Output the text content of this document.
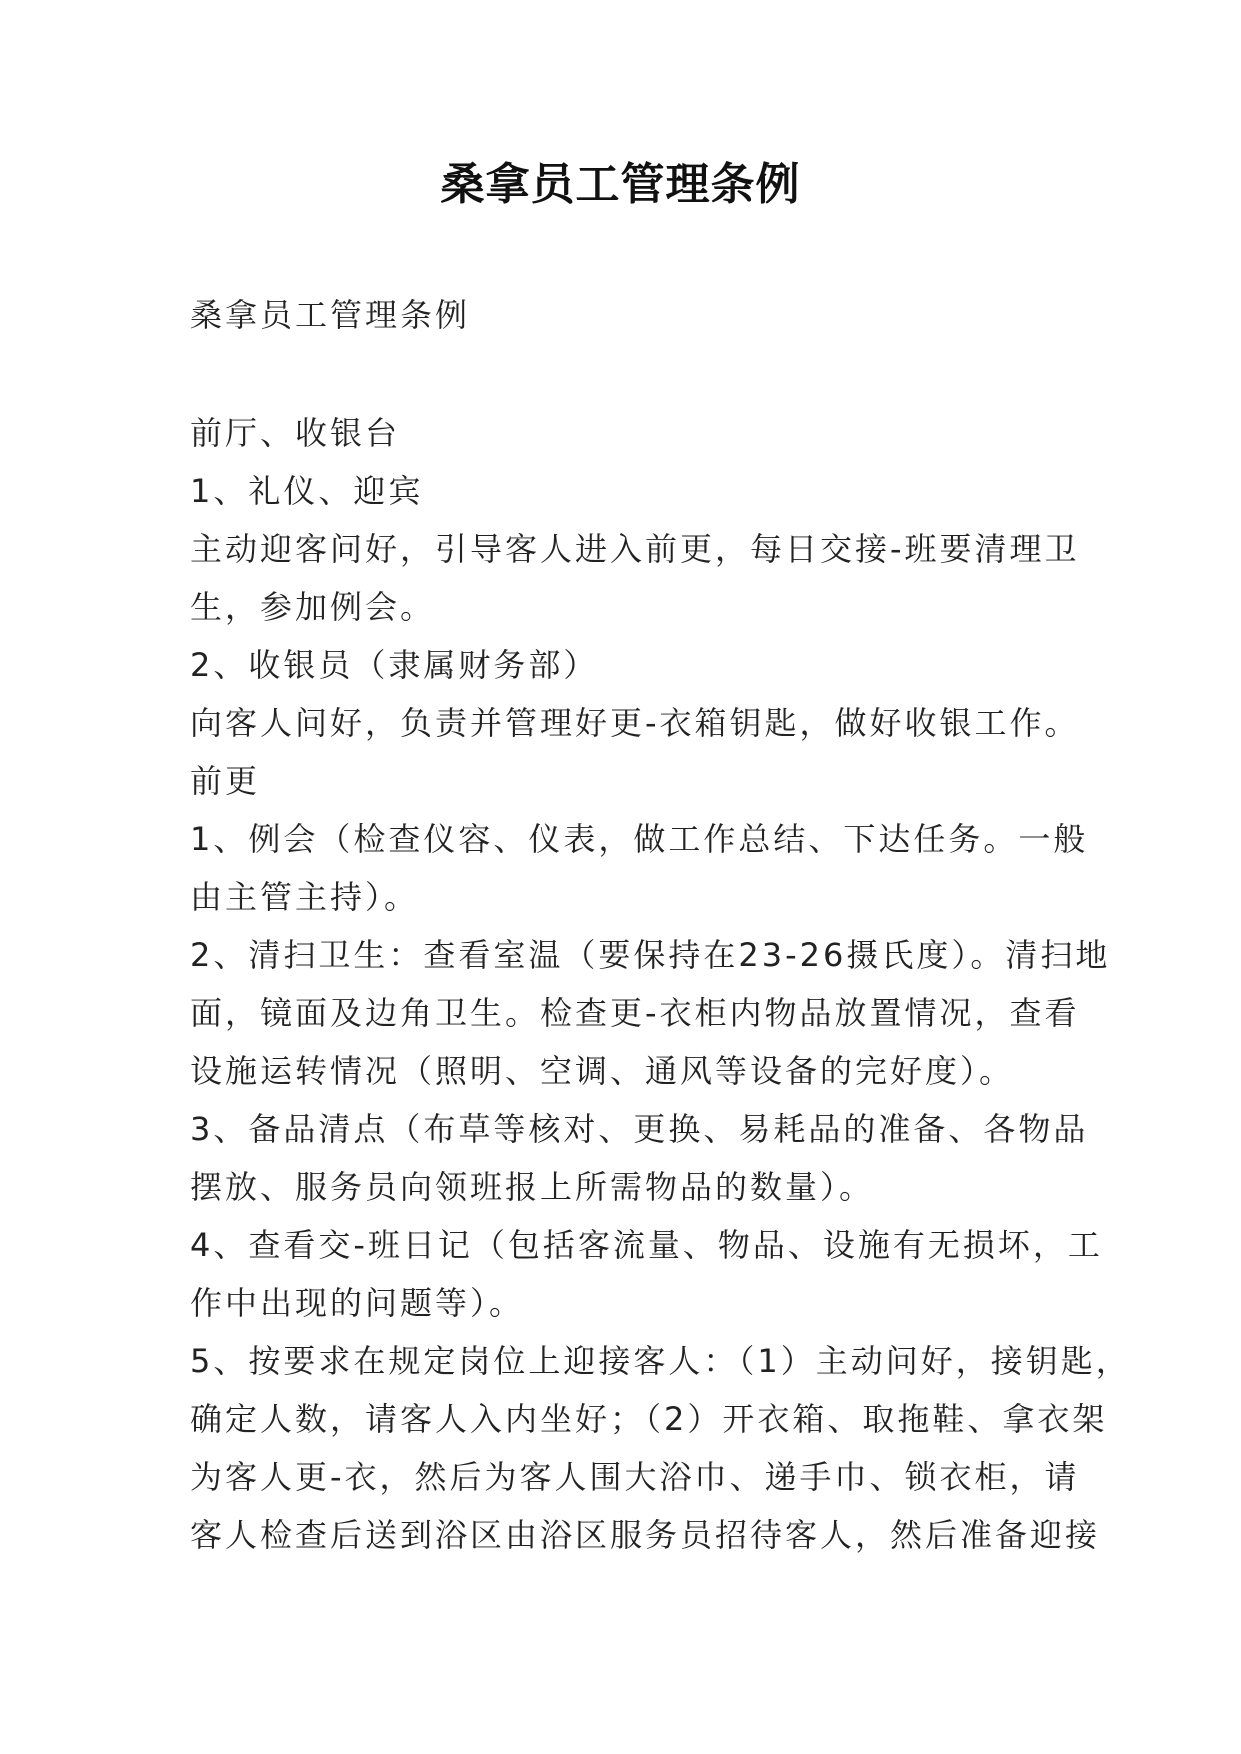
桑拿员工管理条例

桑拿员工管理条例

前厅、收银台

1、礼仪、迎宾

主动迎客问好，引导客人进入前更，每日交接-班要清理卫

生，参加例会。

2、收银员（隶属财务部）

向客人问好，负责并管理好更-衣箱钥匙，做好收银工作。

前更

1、例会（检查仪容、仪表，做工作总结、下达任务。一般

由主管主持）。

2、清扫卫生：查看室温（要保持在23-26摄氏度）。清扫地

面，镜面及边角卫生。检查更-衣柜内物品放置情况，查看

设施运转情况（照明、空调、通风等设备的完好度）。

3、备品清点（布草等核对、更换、易耗品的准备、各物品

摆放、服务员向领班报上所需物品的数量）。

4、查看交-班日记（包括客流量、物品、设施有无损坏，工

作中出现的问题等）。

5、按要求在规定岗位上迎接客人：（1）主动问好，接钥匙，

确定人数，请客人入内坐好；（2）开衣箱、取拖鞋、拿衣架

为客人更-衣，然后为客人围大浴巾、递手巾、锁衣柜，请

客人检查后送到浴区由浴区服务员招待客人，然后准备迎接
